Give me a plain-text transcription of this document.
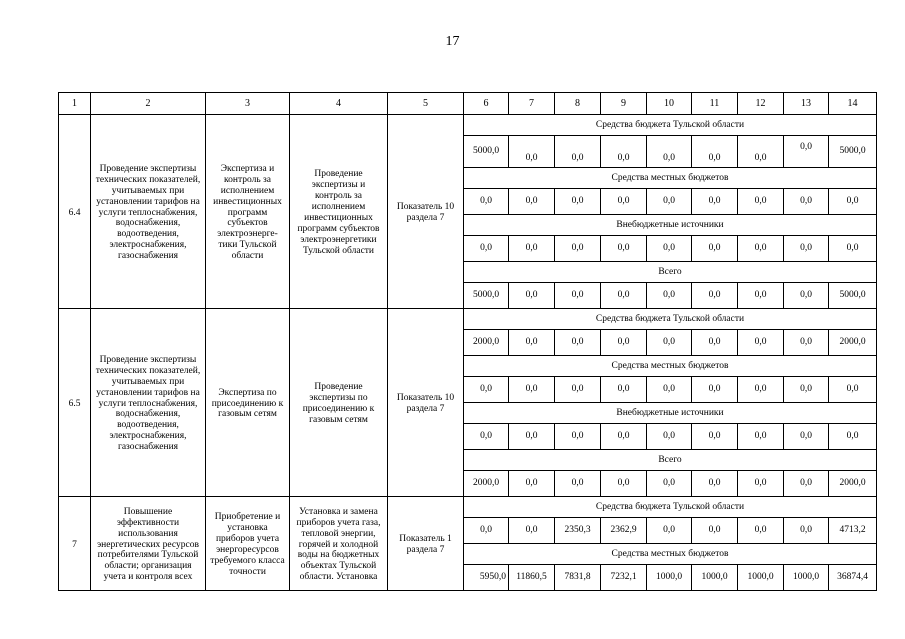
17
1	2	3	4	5	6	7	8	9	10	11	12	13	14
6.4	Проведение экспертизы технических показателей, учитываемых при установлении тарифов на услуги теплоснабжения, водоснабжения, водоотведения, электроснабжения, газоснабжения	Экспертиза и контроль за исполнением инвестиционных программ субъектов электроэнерге-тики Тульской области	Проведение экспертизы и контроль за исполнением инвестиционных программ субъектов электроэнергетики Тульской области	Показатель 10 раздела 7	Средства бюджета Тульской области								
					5000,0	0,0	0,0	0,0	0,0	0,0	0,0	0,0	5000,0
					Средства местных бюджетов								
					0,0	0,0	0,0	0,0	0,0	0,0	0,0	0,0	0,0
					Внебюджетные источники								
					0,0	0,0	0,0	0,0	0,0	0,0	0,0	0,0	0,0
					Всего								
					5000,0	0,0	0,0	0,0	0,0	0,0	0,0	0,0	5000,0
6.5	Проведение экспертизы технических показателей, учитываемых при установлении тарифов на услуги теплоснабжения, водоснабжения, водоотведения, электроснабжения, газоснабжения	Экспертиза по присоединению к газовым сетям	Проведение экспертизы по присоединению к газовым сетям	Показатель 10 раздела 7	Средства бюджета Тульской области								
					2000,0	0,0	0,0	0,0	0,0	0,0	0,0	0,0	2000,0
					Средства местных бюджетов								
					0,0	0,0	0,0	0,0	0,0	0,0	0,0	0,0	0,0
					Внебюджетные источники								
					0,0	0,0	0,0	0,0	0,0	0,0	0,0	0,0	0,0
					Всего								
					2000,0	0,0	0,0	0,0	0,0	0,0	0,0	0,0	2000,0
7	Повышение эффективности использования энергетических ресурсов потребителями Тульской области; организация учета и контроля всех	Приобретение и установка приборов учета энергоресурсов требуемого класса точности	Установка и замена приборов учета газа, тепловой энергии, горячей и холодной воды на бюджетных объектах Тульской области. Установка	Показатель 1 раздела 7	Средства бюджета Тульской области								
					0,0	0,0	2350,3	2362,9	0,0	0,0	0,0	0,0	4713,2
					Средства местных бюджетов								
					5950,0	11860,5	7831,8	7232,1	1000,0	1000,0	1000,0	1000,0	36874,4
